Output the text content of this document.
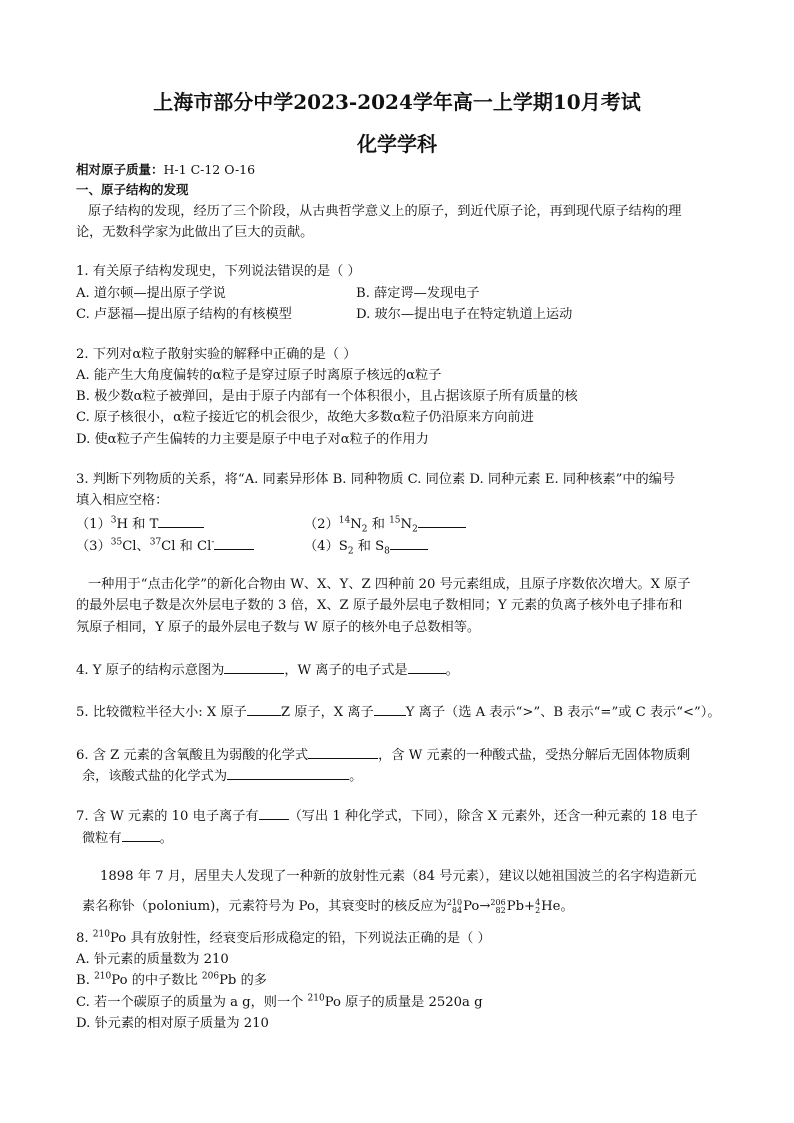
上海市部分中学2023-2024学年高一上学期10月考试
化学学科
相对原子质量：H-1 C-12 O-16
一、原子结构的发现
原子结构的发现，经历了三个阶段，从古典哲学意义上的原子，到近代原子论，再到现代原子结构的理
论，无数科学家为此做出了巨大的贡献。
1. 有关原子结构发现史，下列说法错误的是（ ）
A. 道尔顿—提出原子学说	B. 薛定谔—发现电子
C. 卢瑟福—提出原子结构的有核模型	D. 玻尔—提出电子在特定轨道上运动
2. 下列对α粒子散射实验的解释中正确的是（ ）
A. 能产生大角度偏转的α粒子是穿过原子时离原子核远的α粒子
B. 极少数α粒子被弹回，是由于原子内部有一个体积很小，且占据该原子所有质量的核
C. 原子核很小，α粒子接近它的机会很少，故绝大多数α粒子仍沿原来方向前进
D. 使α粒子产生偏转的力主要是原子中电子对α粒子的作用力
3. 判断下列物质的关系，将“A. 同素异形体 B. 同种物质 C. 同位素 D. 同种元素 E. 同种核素”中的编号
填入相应空格：
$(1)^3H$ 和 T	$(2)^{14}N_2$ 和 $^{15}N_2$
$(3)^{35}Cl$、$^{37}$Cl 和 Cl-	$(4)S_2$ 和 $S_8$
一种用于“点击化学”的新化合物由 W、X、Y、Z 四种前 20 号元素组成，且原子序数依次增大。X 原子
的最外层电子数是次外层电子数的 3 倍，X、Z 原子最外层电子数相同；Y 元素的负离子核外电子排布和
氖原子相同，Y 原子的最外层电子数与 W 原子的核外电子总数相等。
4. Y 原子的结构示意图为	，W 离子的电子式是	。
5. 比较微粒半径大小: X 原子	Z 原子，X 离子 Y 离子（选 A 表示“>”、B 表示“=”或 C 表示“<”）。
6. 含 Z 元素的含氧酸且为弱酸的化学式	，含 W 元素的一种酸式盐，受热分解后无固体物质剩
余，该酸式盐的化学式为	。
7. 含 W 元素的 10 电子离子有 （写出 1 种化学式，下同），除含 X 元素外，还含一种元素的 18 电子
微粒有	。
1898 年 7 月，居里夫人发现了一种新的放射性元素（84 号元素），建议以她祖国波兰的名字构造新元
素名称钋（polonium)，元素符号为 Po，其衰变时的核反应为 210
84 Po→ 206
82 Pb+ 4
2 He。
8. $^{210}$Po 具有放射性，经衰变后形成稳定的铅，下列说法正确的是（ ）
A. 钋元素的质量数为 210
B. $^{210}$Po 的中子数比 $^{206}$Pb 的多
C. 若一个碳原子的质量为 a g，则一个 $^{210}$Po 原子的质量是 2520a g
D. 钋元素的相对原子质量为 210
